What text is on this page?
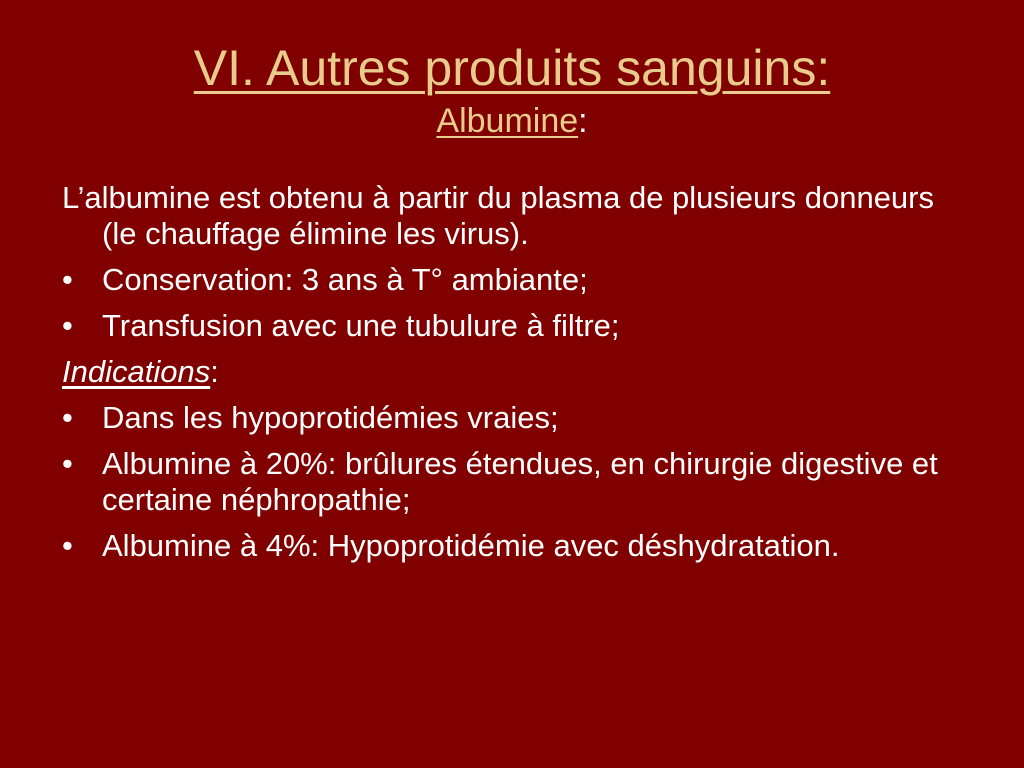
VI. Autres produits sanguins:
Albumine:

L’albumine est obtenu à partir du plasma de plusieurs donneurs (le chauffage élimine les virus).

• Conservation: 3 ans à T° ambiante;
• Transfusion avec une tubulure à filtre;
Indications:
• Dans les hypoprotidémies vraies;
• Albumine à 20%: brûlures étendues, en chirurgie digestive et certaine néphropathie;
• Albumine à 4%: Hypoprotidémie avec déshydratation.
